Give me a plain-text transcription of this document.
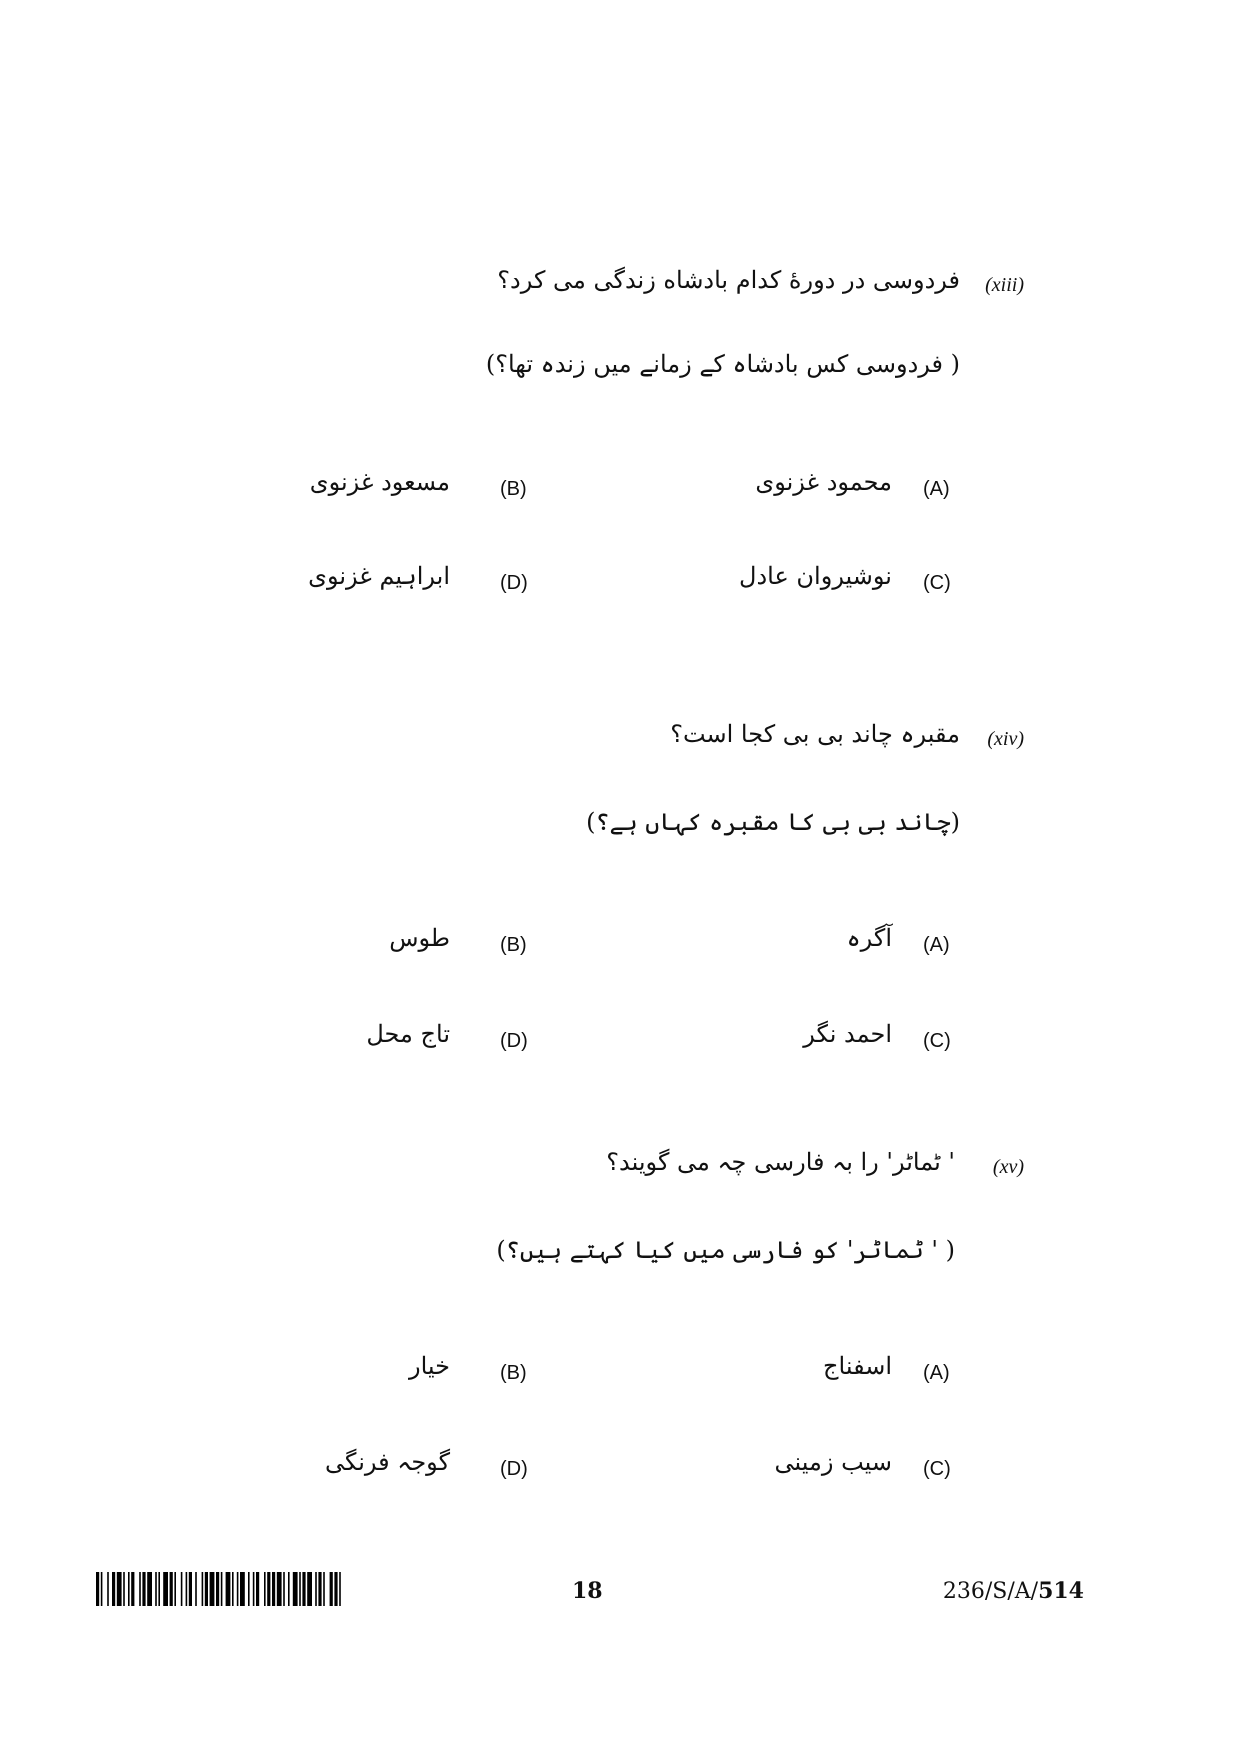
(xiii)
فردوسی در دورۀ کدام بادشاه زندگی می کرد؟
( فردوسی کس بادشاہ کے زمانے میں زندہ تھا؟)
(A)
محمود غزنوی
(B)
مسعود غزنوی
(C)
نوشیروان عادل
(D)
ابراہیم غزنوی
(xiv)
مقبرہ چاند بی بی کجا است؟
(چاند بی بی کا مقبرہ کہاں ہے؟)
(A)
آگرہ
(B)
طوس
(C)
احمد نگر
(D)
تاج محل
(xv)
' ٹماٹر' را بہ فارسی چہ می گویند؟
( ' ٹماٹر' کو فارسی میں کیا کہتے ہیں؟)
(A)
اسفناج
(B)
خیار
(C)
سیب زمینی
(D)
گوجہ فرنگی
18	236/S/A/514
